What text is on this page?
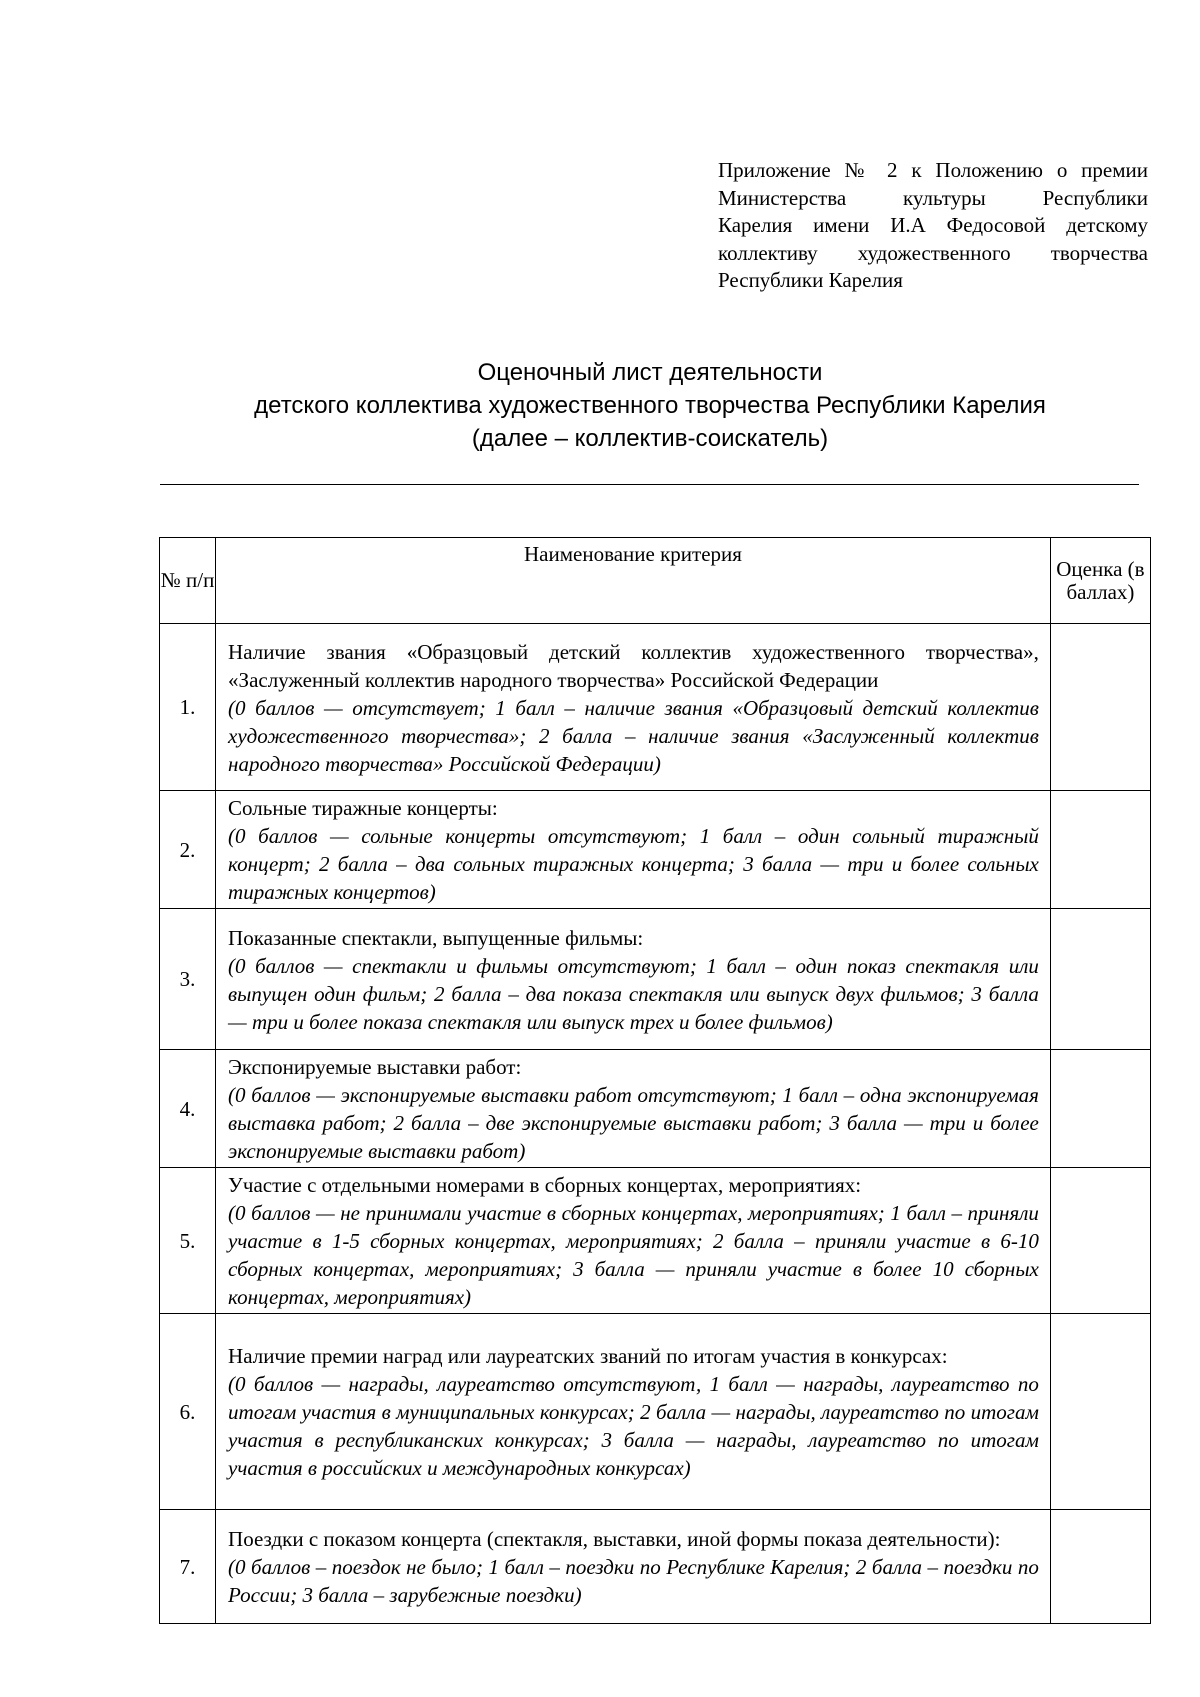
Приложение № 2 к Положению о премии
Министерства культуры Республики
Карелия имени И.А Федосовой детскому
коллективу художественного творчества
Республики Карелия
Оценочный лист деятельности
детского коллектива художественного творчества Республики Карелия
(далее – коллектив-соискатель)
№ п/п	Наименование критерия	Оценка (в баллах)
1.	Наличие звания «Образцовый детский коллектив художественного творчества», «Заслуженный коллектив народного творчества» Российской Федерации
(0 баллов — отсутствует; 1 балл – наличие звания «Образцовый детский коллектив художественного творчества»; 2 балла – наличие звания «Заслуженный коллектив народного творчества» Российской Федерации)	

2.	Сольные тиражные концерты:
(0 баллов — сольные концерты отсутствуют; 1 балл – один сольный тиражный концерт; 2 балла – два сольных тиражных концерта; 3 балла — три и более сольных тиражных концертов)	

3.	Показанные спектакли, выпущенные фильмы:
(0 баллов — спектакли и фильмы отсутствуют; 1 балл – один показ спектакля или выпущен один фильм; 2 балла – два показа спектакля или выпуск двух фильмов; 3 балла — три и более показа спектакля или выпуск трех и более фильмов)	

4.	Экспонируемые выставки работ:
(0 баллов — экспонируемые выставки работ отсутствуют; 1 балл – одна экспонируемая выставка работ; 2 балла – две экспонируемые выставки работ; 3 балла — три и более экспонируемые выставки работ)	

5.	Участие с отдельными номерами в сборных концертах, мероприятиях:
(0 баллов — не принимали участие в сборных концертах, мероприятиях; 1 балл – приняли участие в 1-5 сборных концертах, мероприятиях; 2 балла – приняли участие в 6-10 сборных концертах, мероприятиях; 3 балла — приняли участие в более 10 сборных концертах, мероприятиях)	

6.	Наличие премии наград или лауреатских званий по итогам участия в конкурсах:
(0 баллов — награды, лауреатство отсутствуют, 1 балл — награды, лауреатство по итогам участия в муниципальных конкурсах; 2 балла — награды, лауреатство по итогам участия в республиканских конкурсах; 3 балла — награды, лауреатство по итогам участия в российских и международных конкурсах)	

7.	Поездки с показом концерта (спектакля, выставки, иной формы показа деятельности):
(0 баллов – поездок не было; 1 балл – поездки по Республике Карелия; 2 балла – поездки по России; 3 балла – зарубежные поездки)	
